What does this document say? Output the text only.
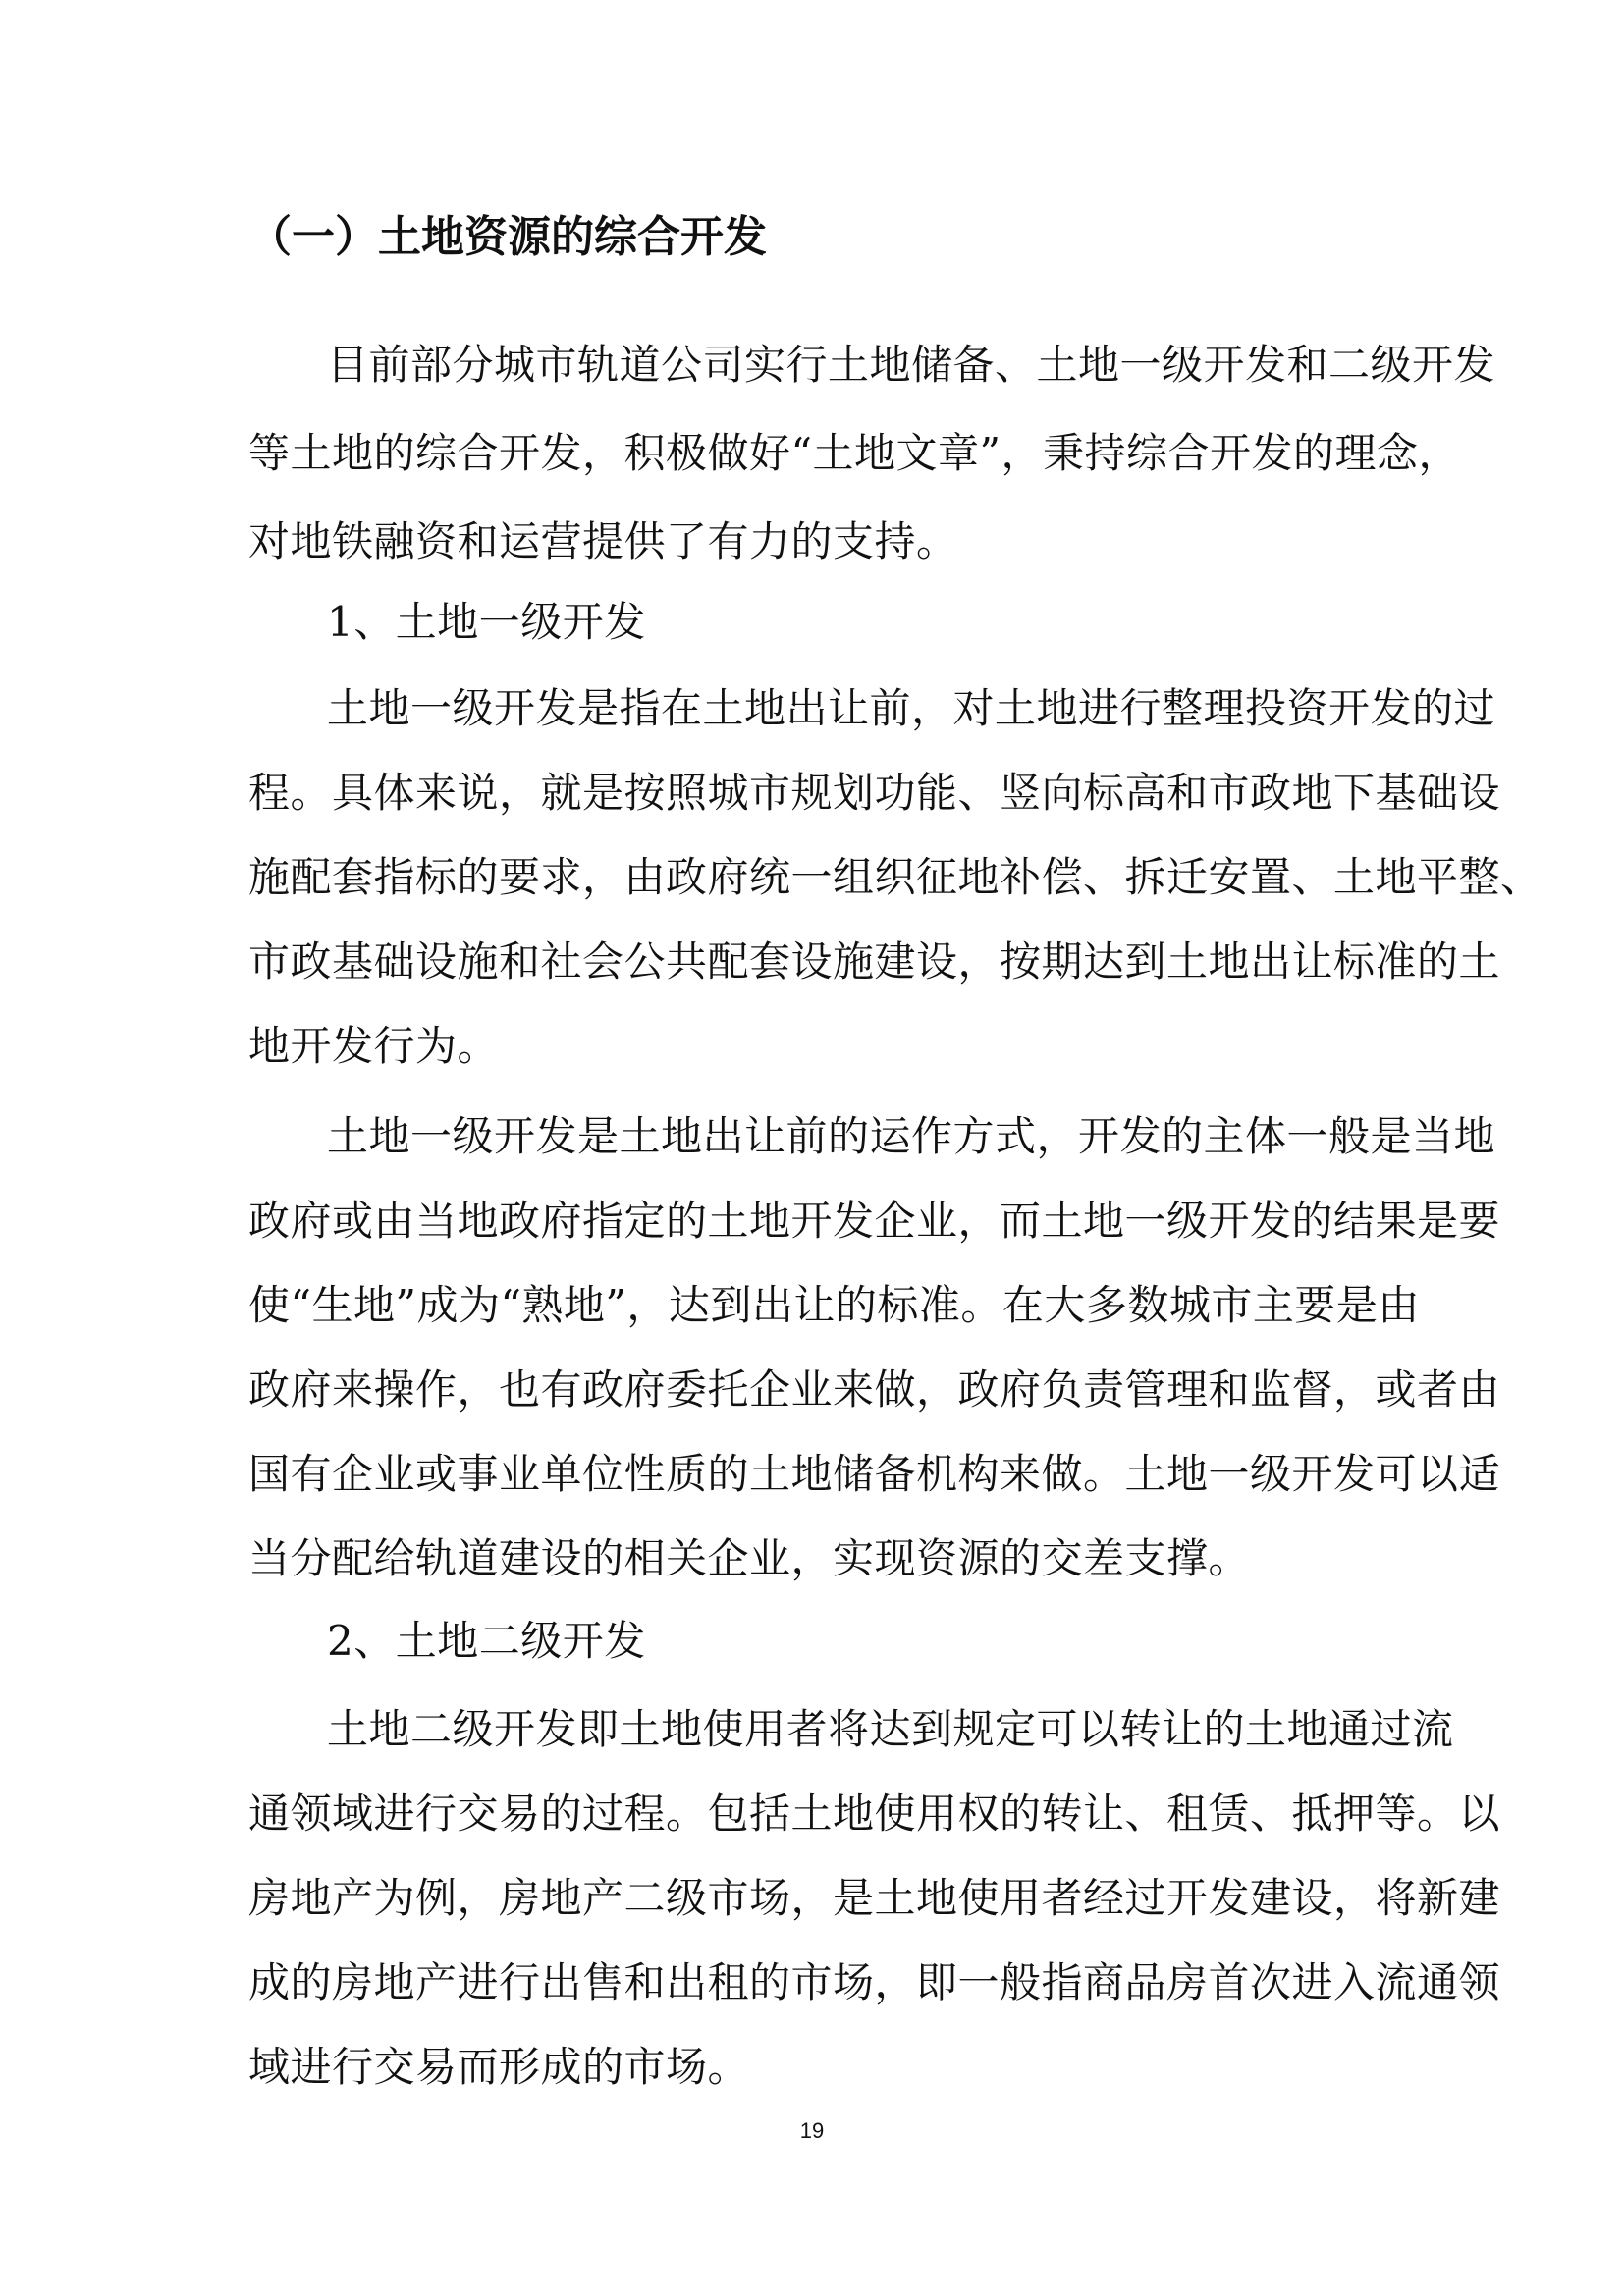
（一）土地资源的综合开发
目前部分城市轨道公司实行土地储备、土地一级开发和二级开发
等土地的综合开发，积极做好“土地文章”，秉持综合开发的理念，
对地铁融资和运营提供了有力的支持。
1、土地一级开发
土地一级开发是指在土地出让前，对土地进行整理投资开发的过
程。具体来说，就是按照城市规划功能、竖向标高和市政地下基础设
施配套指标的要求，由政府统一组织征地补偿、拆迁安置、土地平整、
市政基础设施和社会公共配套设施建设，按期达到土地出让标准的土
地开发行为。
土地一级开发是土地出让前的运作方式，开发的主体一般是当地
政府或由当地政府指定的土地开发企业，而土地一级开发的结果是要
使“生地”成为“熟地”，达到出让的标准。在大多数城市主要是由
政府来操作，也有政府委托企业来做，政府负责管理和监督，或者由
国有企业或事业单位性质的土地储备机构来做。土地一级开发可以适
当分配给轨道建设的相关企业，实现资源的交差支撑。
2、土地二级开发
土地二级开发即土地使用者将达到规定可以转让的土地通过流
通领域进行交易的过程。包括土地使用权的转让、租赁、抵押等。以
房地产为例，房地产二级市场，是土地使用者经过开发建设，将新建
成的房地产进行出售和出租的市场，即一般指商品房首次进入流通领
域进行交易而形成的市场。
19
